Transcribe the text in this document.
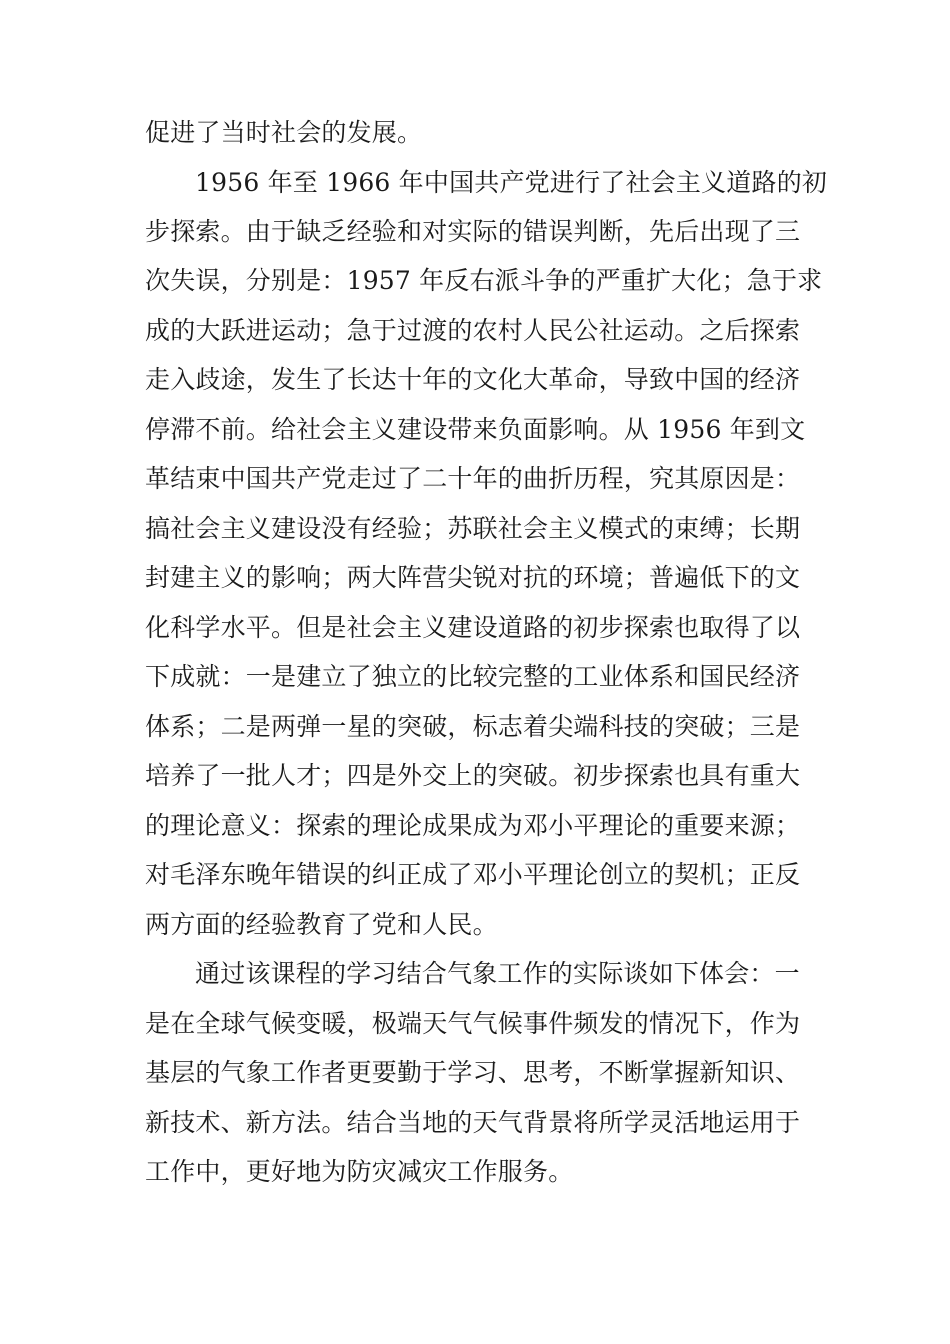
促进了当时社会的发展。
1956 年至 1966 年中国共产党进行了社会主义道路的初
步探索。由于缺乏经验和对实际的错误判断，先后出现了三
次失误，分别是：1957 年反右派斗争的严重扩大化；急于求
成的大跃进运动；急于过渡的农村人民公社运动。之后探索
走入歧途，发生了长达十年的文化大革命，导致中国的经济
停滞不前。给社会主义建设带来负面影响。从 1956 年到文
革结束中国共产党走过了二十年的曲折历程，究其原因是：
搞社会主义建设没有经验；苏联社会主义模式的束缚；长期
封建主义的影响；两大阵营尖锐对抗的环境；普遍低下的文
化科学水平。但是社会主义建设道路的初步探索也取得了以
下成就：一是建立了独立的比较完整的工业体系和国民经济
体系；二是两弹一星的突破，标志着尖端科技的突破；三是
培养了一批人才；四是外交上的突破。初步探索也具有重大
的理论意义：探索的理论成果成为邓小平理论的重要来源；
对毛泽东晚年错误的纠正成了邓小平理论创立的契机；正反
两方面的经验教育了党和人民。
通过该课程的学习结合气象工作的实际谈如下体会：一
是在全球气候变暖，极端天气气候事件频发的情况下，作为
基层的气象工作者更要勤于学习、思考，不断掌握新知识、
新技术、新方法。结合当地的天气背景将所学灵活地运用于
工作中，更好地为防灾减灾工作服务。
